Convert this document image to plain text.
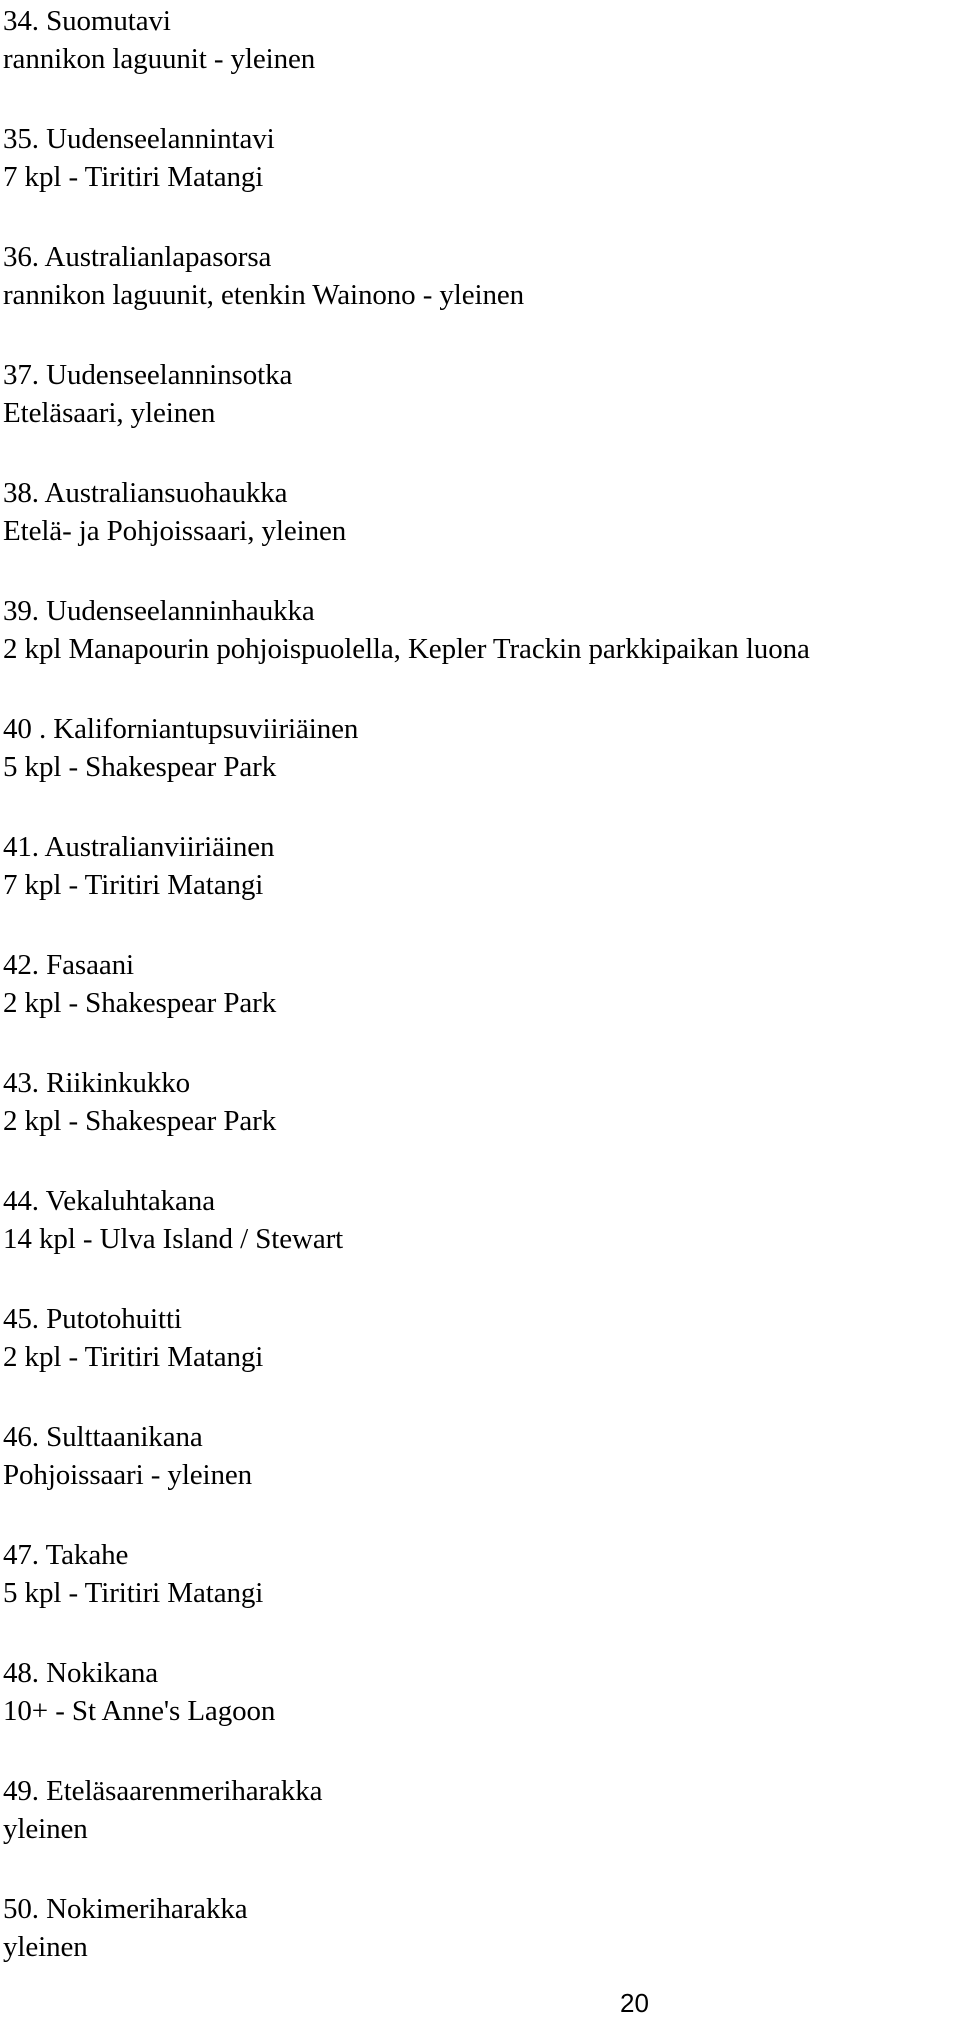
34. Suomutavi
rannikon laguunit - yleinen
35. Uudenseelannintavi
7 kpl - Tiritiri Matangi
36. Australianlapasorsa
rannikon laguunit, etenkin Wainono - yleinen
37. Uudenseelanninsotka
Eteläsaari, yleinen
38. Australiansuohaukka
Etelä- ja Pohjoissaari, yleinen
39. Uudenseelanninhaukka
2 kpl Manapourin pohjoispuolella, Kepler Trackin parkkipaikan luona
40 . Kaliforniantupsuviiriäinen
5 kpl - Shakespear Park
41. Australianviiriäinen
7 kpl - Tiritiri Matangi
42. Fasaani
2 kpl - Shakespear Park
43. Riikinkukko
2 kpl - Shakespear Park
44. Vekaluhtakana
14 kpl - Ulva Island / Stewart
45. Putotohuitti
2 kpl - Tiritiri Matangi
46. Sulttaanikana
Pohjoissaari - yleinen
47. Takahe
5 kpl - Tiritiri Matangi
48. Nokikana
10+ - St Anne's Lagoon
49. Eteläsaarenmeriharakka
yleinen
50. Nokimeriharakka
yleinen
20
